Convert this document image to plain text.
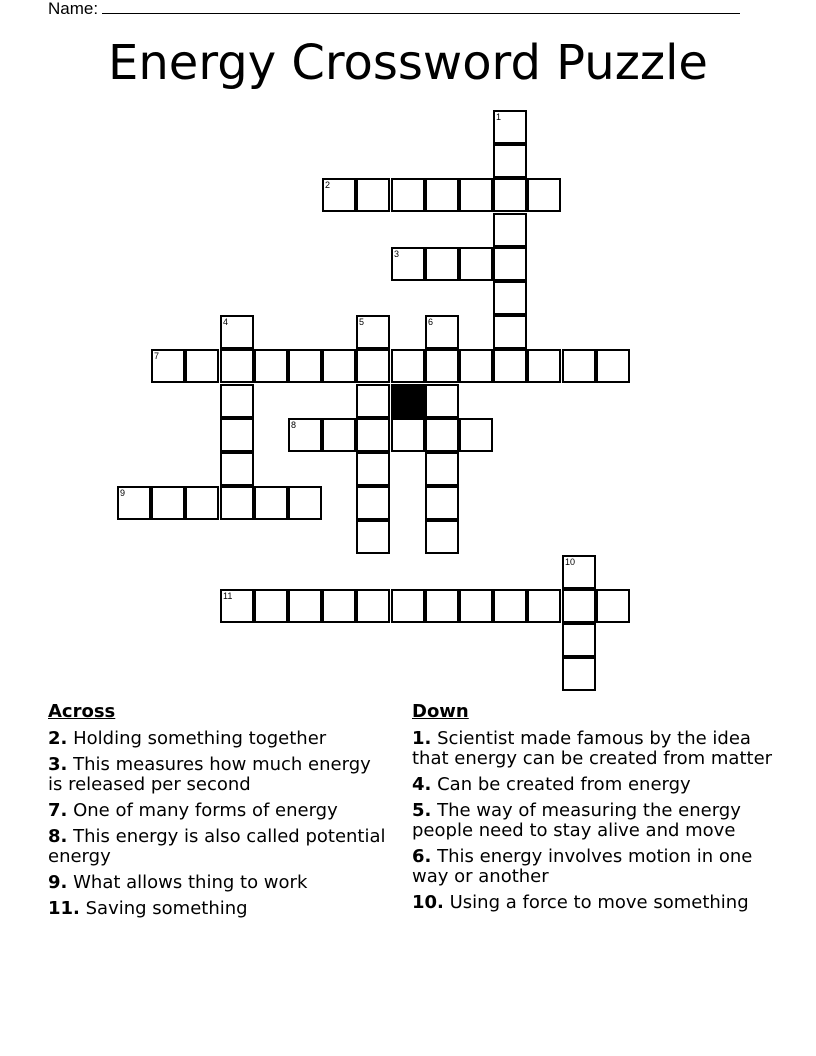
Name:
Energy Crossword Puzzle
1
2
3
4	5	6
7
8
9
10
11
Across
2. Holding something together
3. This measures how much energy is released per second
7. One of many forms of energy
8. This energy is also called potential energy
9. What allows thing to work
11. Saving something
Down
1. Scientist made famous by the idea that energy can be created from matter
4. Can be created from energy
5. The way of measuring the energy people need to stay alive and move
6. This energy involves motion in one way or another
10. Using a force to move something
